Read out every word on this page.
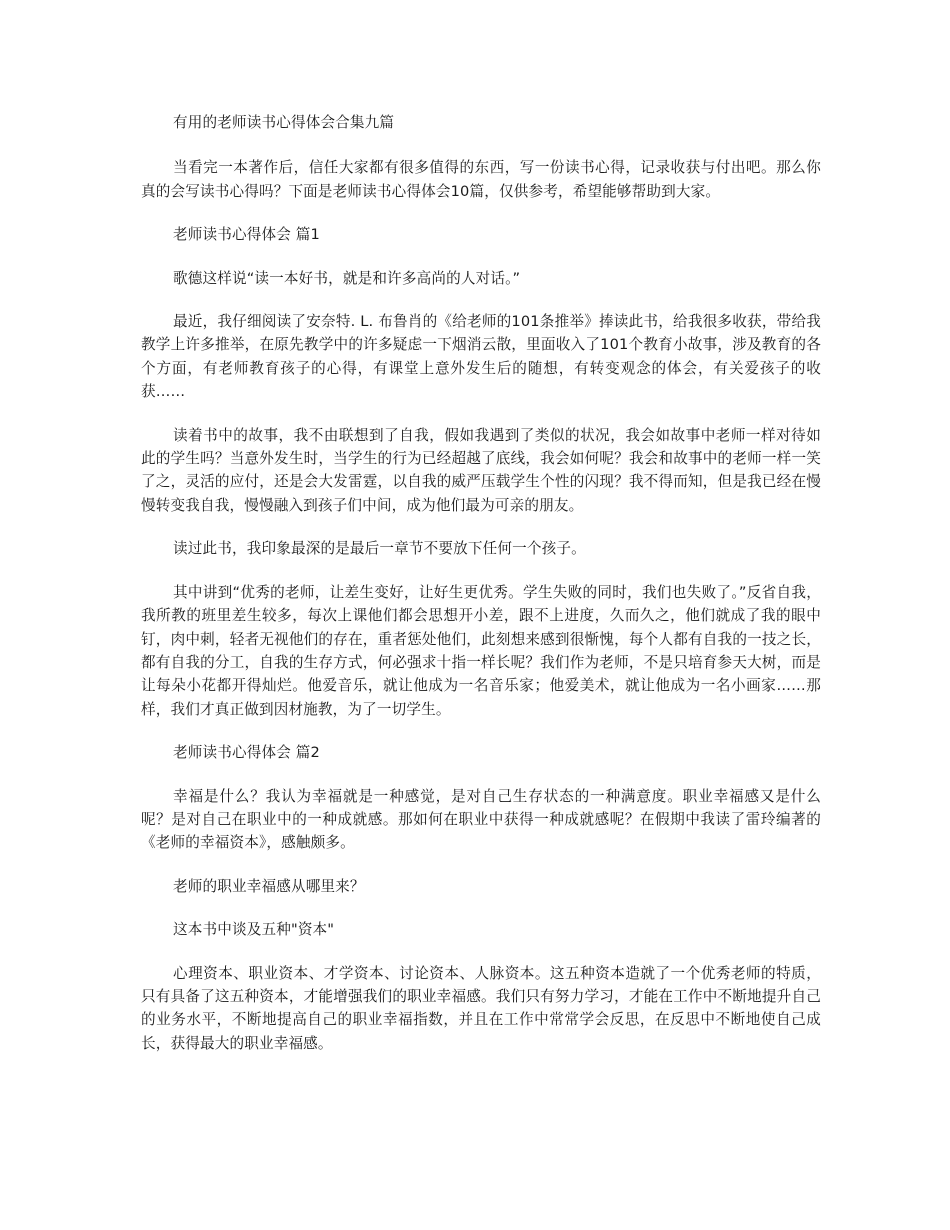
有用的老师读书心得体会合集九篇

当看完一本著作后，信任大家都有很多值得的东西，写一份读书心得，记录收获与付出吧。那么你真的会写读书心得吗？下面是老师读书心得体会10篇，仅供参考，希望能够帮助到大家。

老师读书心得体会 篇1

歌德这样说“读一本好书，就是和许多高尚的人对话。”

最近，我仔细阅读了安奈特. L. 布鲁肖的《给老师的101条推举》捧读此书，给我很多收获，带给我教学上许多推举，在原先教学中的许多疑虑一下烟消云散，里面收入了101个教育小故事，涉及教育的各个方面，有老师教育孩子的心得，有课堂上意外发生后的随想，有转变观念的体会，有关爱孩子的收获……

读着书中的故事，我不由联想到了自我，假如我遇到了类似的状况，我会如故事中老师一样对待如此的学生吗？当意外发生时，当学生的行为已经超越了底线，我会如何呢？我会和故事中的老师一样一笑了之，灵活的应付，还是会大发雷霆，以自我的威严压载学生个性的闪现？我不得而知，但是我已经在慢慢转变我自我，慢慢融入到孩子们中间，成为他们最为可亲的朋友。

读过此书，我印象最深的是最后一章节不要放下任何一个孩子。

其中讲到“优秀的老师，让差生变好，让好生更优秀。学生失败的同时，我们也失败了。”反省自我，我所教的班里差生较多，每次上课他们都会思想开小差，跟不上进度，久而久之，他们就成了我的眼中钉，肉中刺，轻者无视他们的存在，重者惩处他们，此刻想来感到很惭愧，每个人都有自我的一技之长，都有自我的分工，自我的生存方式，何必强求十指一样长呢？我们作为老师，不是只培育参天大树，而是让每朵小花都开得灿烂。他爱音乐，就让他成为一名音乐家；他爱美术，就让他成为一名小画家……那样，我们才真正做到因材施教，为了一切学生。

老师读书心得体会 篇2

幸福是什么？我认为幸福就是一种感觉，是对自己生存状态的一种满意度。职业幸福感又是什么呢？是对自己在职业中的一种成就感。那如何在职业中获得一种成就感呢？在假期中我读了雷玲编著的《老师的幸福资本》，感触颇多。

老师的职业幸福感从哪里来？

这本书中谈及五种"资本"

心理资本、职业资本、才学资本、讨论资本、人脉资本。这五种资本造就了一个优秀老师的特质，只有具备了这五种资本，才能增强我们的职业幸福感。我们只有努力学习，才能在工作中不断地提升自己的业务水平，不断地提高自己的职业幸福指数，并且在工作中常常学会反思，在反思中不断地使自己成长，获得最大的职业幸福感。
